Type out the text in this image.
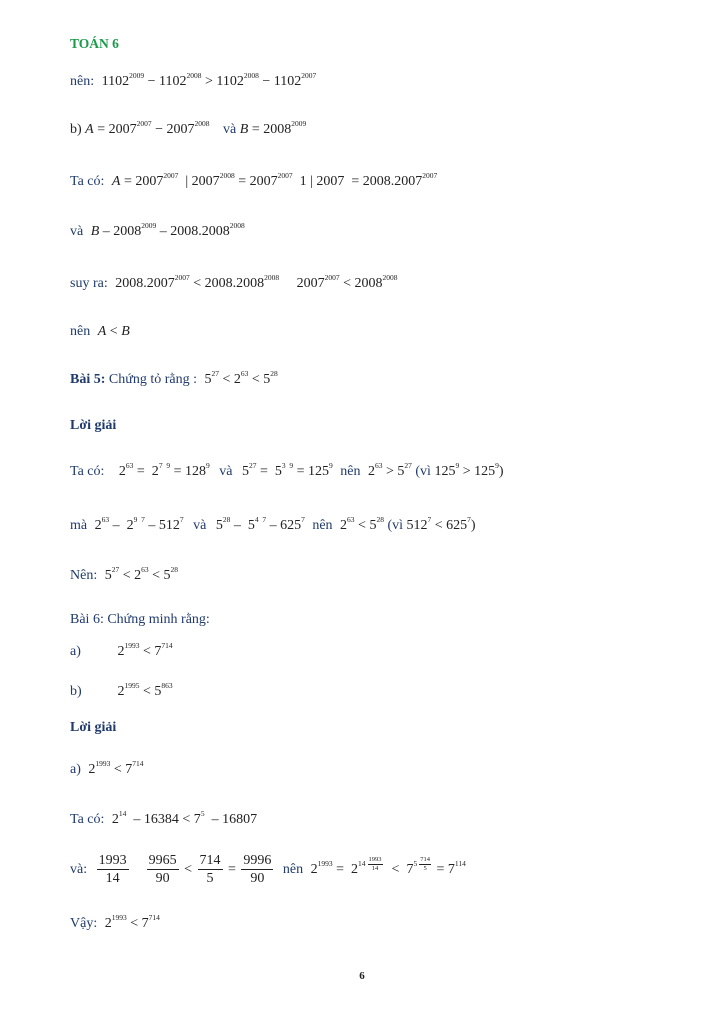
TOÁN 6
nên: $1102^{2009} - 1102^{2008} > 1102^{2008} - 1102^{2007}$
b) $A = 2007^{2007} - 2007^{2008}$ và $B = 2008^{2009}$
Ta có: $A = 2007^{2007}$  | $2007^{2008} = 2007^{2007}$  1 | $2007 = 2008.2007^{2007}$
và B – $2008^{2009} - 2008.2008^{2008}$
suy ra: $2008.2007^{2007} < 2008.2008^{2008}$     $2007^{2007} < 2008^{2008}$
nên A < B
Bài 5: Chứng tỏ rằng : $5^{27} < 2^{63} < 5^{28}$
Lời giải
Ta có:   $2^{63} = 2^{7 9} = 128^9$ và $5^{27} = 5^{3 9} = 125^9$ nên $2^{63} > 5^{27}$ (vì $125^9 > 125^9$)
mà $2^{63} - 2^{9 7} - 512^7$ và $5^{28} - 5^{4 7} - 625^7$ nên $2^{63} < 5^{28}$ (vì $512^7 < 625^7$)
Nên: $5^{27} < 2^{63} < 5^{28}$
Bài 6: Chứng minh rằng:
a)	$2^{1993} < 7^{714}$
b)	$2^{1995} < 5^{863}$
Lời giải
a) $2^{1993} < 7^{714}$
Ta có: $2^{14} - 16384 < 7^5 - 16807$
và: $\frac{1993}{14}$
$\frac{9965}{90} < \frac{714}{5} = \frac{9996}{90}$ nên $2^{1993} = 2^{14} \frac{1993}{14} < 7^5 \frac{714}{5} = 7^{114}$
Vậy: $2^{1993} < 7^{714}$
6
